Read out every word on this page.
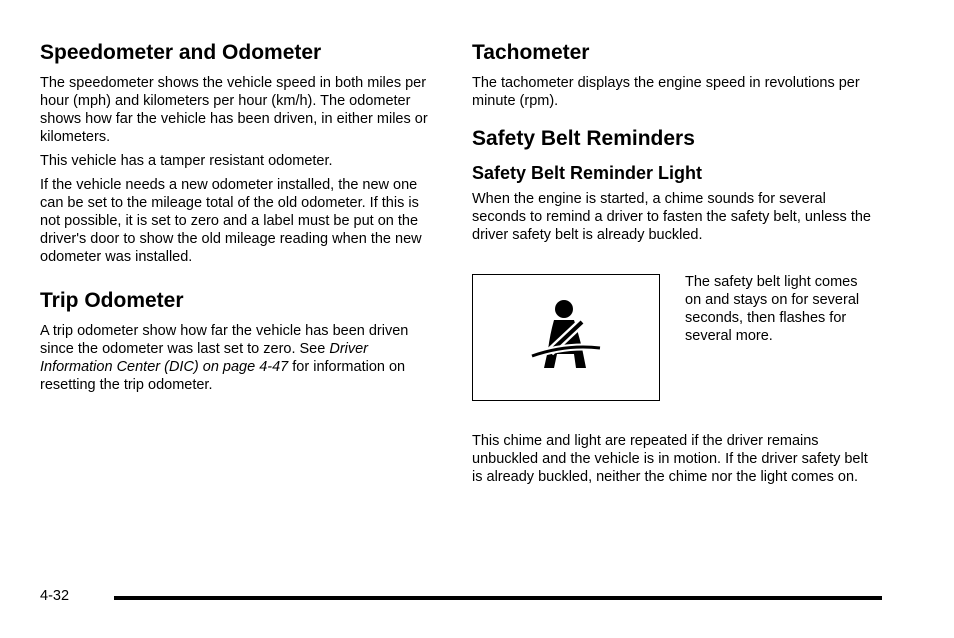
Speedometer and Odometer

The speedometer shows the vehicle speed in both miles per hour (mph) and kilometers per hour (km/h). The odometer shows how far the vehicle has been driven, in either miles or kilometers.

This vehicle has a tamper resistant odometer.

If the vehicle needs a new odometer installed, the new one can be set to the mileage total of the old odometer. If this is not possible, it is set to zero and a label must be put on the driver's door to show the old mileage reading when the new odometer was installed.

Trip Odometer

A trip odometer show how far the vehicle has been driven since the odometer was last set to zero. See Driver Information Center (DIC) on page 4-47 for information on resetting the trip odometer.

Tachometer

The tachometer displays the engine speed in revolutions per minute (rpm).

Safety Belt Reminders
Safety Belt Reminder Light

When the engine is started, a chime sounds for several seconds to remind a driver to fasten the safety belt, unless the driver safety belt is already buckled.

The safety belt light comes on and stays on for several seconds, then flashes for several more.

This chime and light are repeated if the driver remains unbuckled and the vehicle is in motion. If the driver safety belt is already buckled, neither the chime nor the light comes on.

4-32
